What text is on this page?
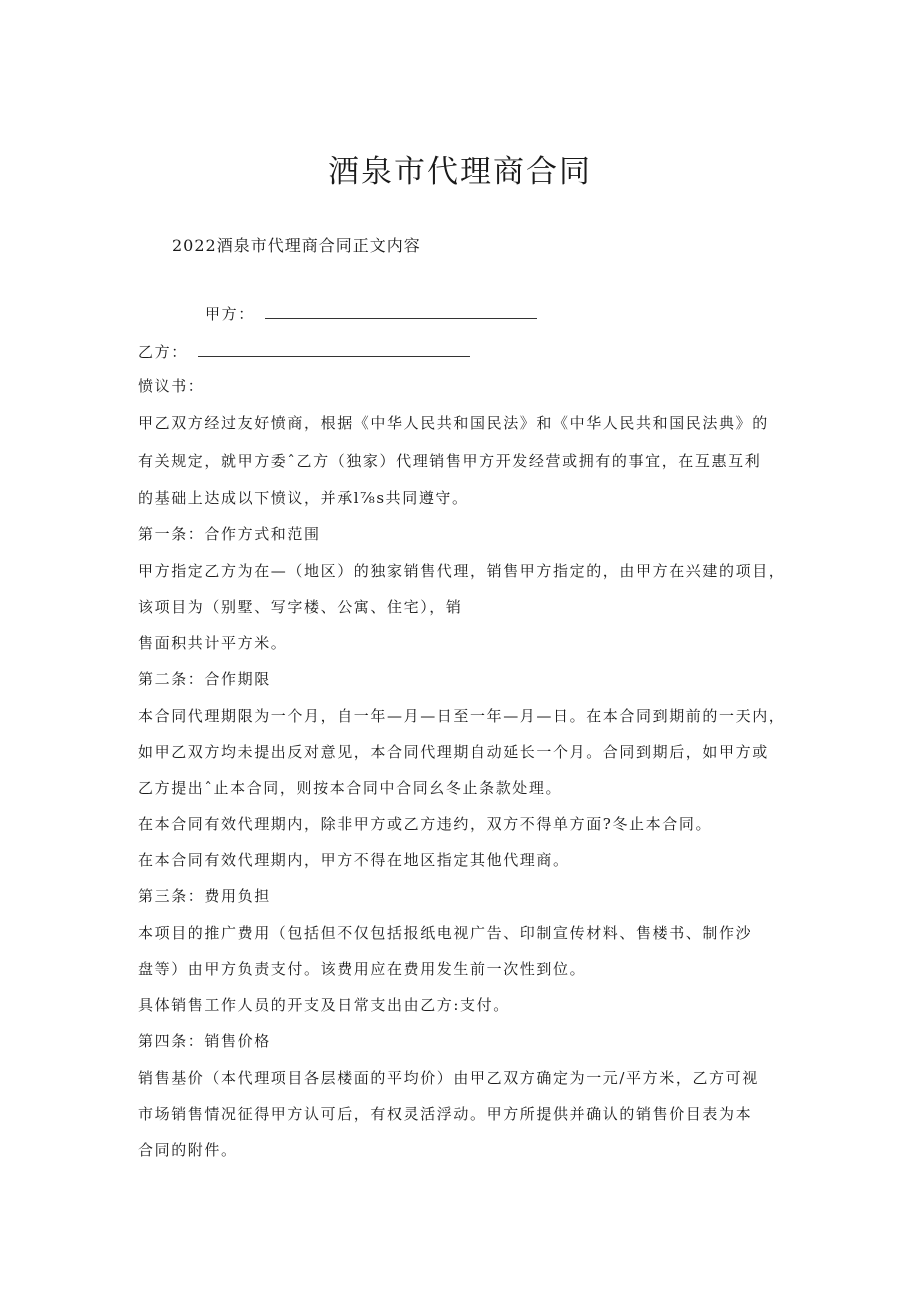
酒泉市代理商合同

2022酒泉市代理商合同正文内容

甲方：

乙方：

愤议书：

甲乙双方经过友好愤商，根据《中华人民共和国民法》和《中华人民共和国民法典》的

有关规定，就甲方委ˆ乙方（独家）代理销售甲方开发经营或拥有的事宜，在互惠互利

的基础上达成以下愤议，并承l⅞s共同遵守。

第一条：合作方式和范围

甲方指定乙方为在—（地区）的独家销售代理，销售甲方指定的，由甲方在兴建的项目，

该项目为（别墅、写字楼、公寓、住宅），销

售面积共计平方米。

第二条：合作期限

本合同代理期限为一个月，自一年—月—日至一年—月—日。在本合同到期前的一天内，

如甲乙双方均未提出反对意见，本合同代理期自动延长一个月。合同到期后，如甲方或

乙方提出ˆ止本合同，则按本合同中合同幺冬止条款处理。

在本合同有效代理期内，除非甲方或乙方违约，双方不得单方面?冬止本合同。

在本合同有效代理期内，甲方不得在地区指定其他代理商。

第三条：费用负担

本项目的推广费用（包括但不仅包括报纸电视广告、印制宣传材料、售楼书、制作沙

盘等）由甲方负责支付。该费用应在费用发生前一次性到位。

具体销售工作人员的开支及日常支出由乙方:支付。

第四条：销售价格

销售基价（本代理项目各层楼面的平均价）由甲乙双方确定为一元/平方米，乙方可视

市场销售情况征得甲方认可后，有权灵活浮动。甲方所提供并确认的销售价目表为本

合同的附件。
